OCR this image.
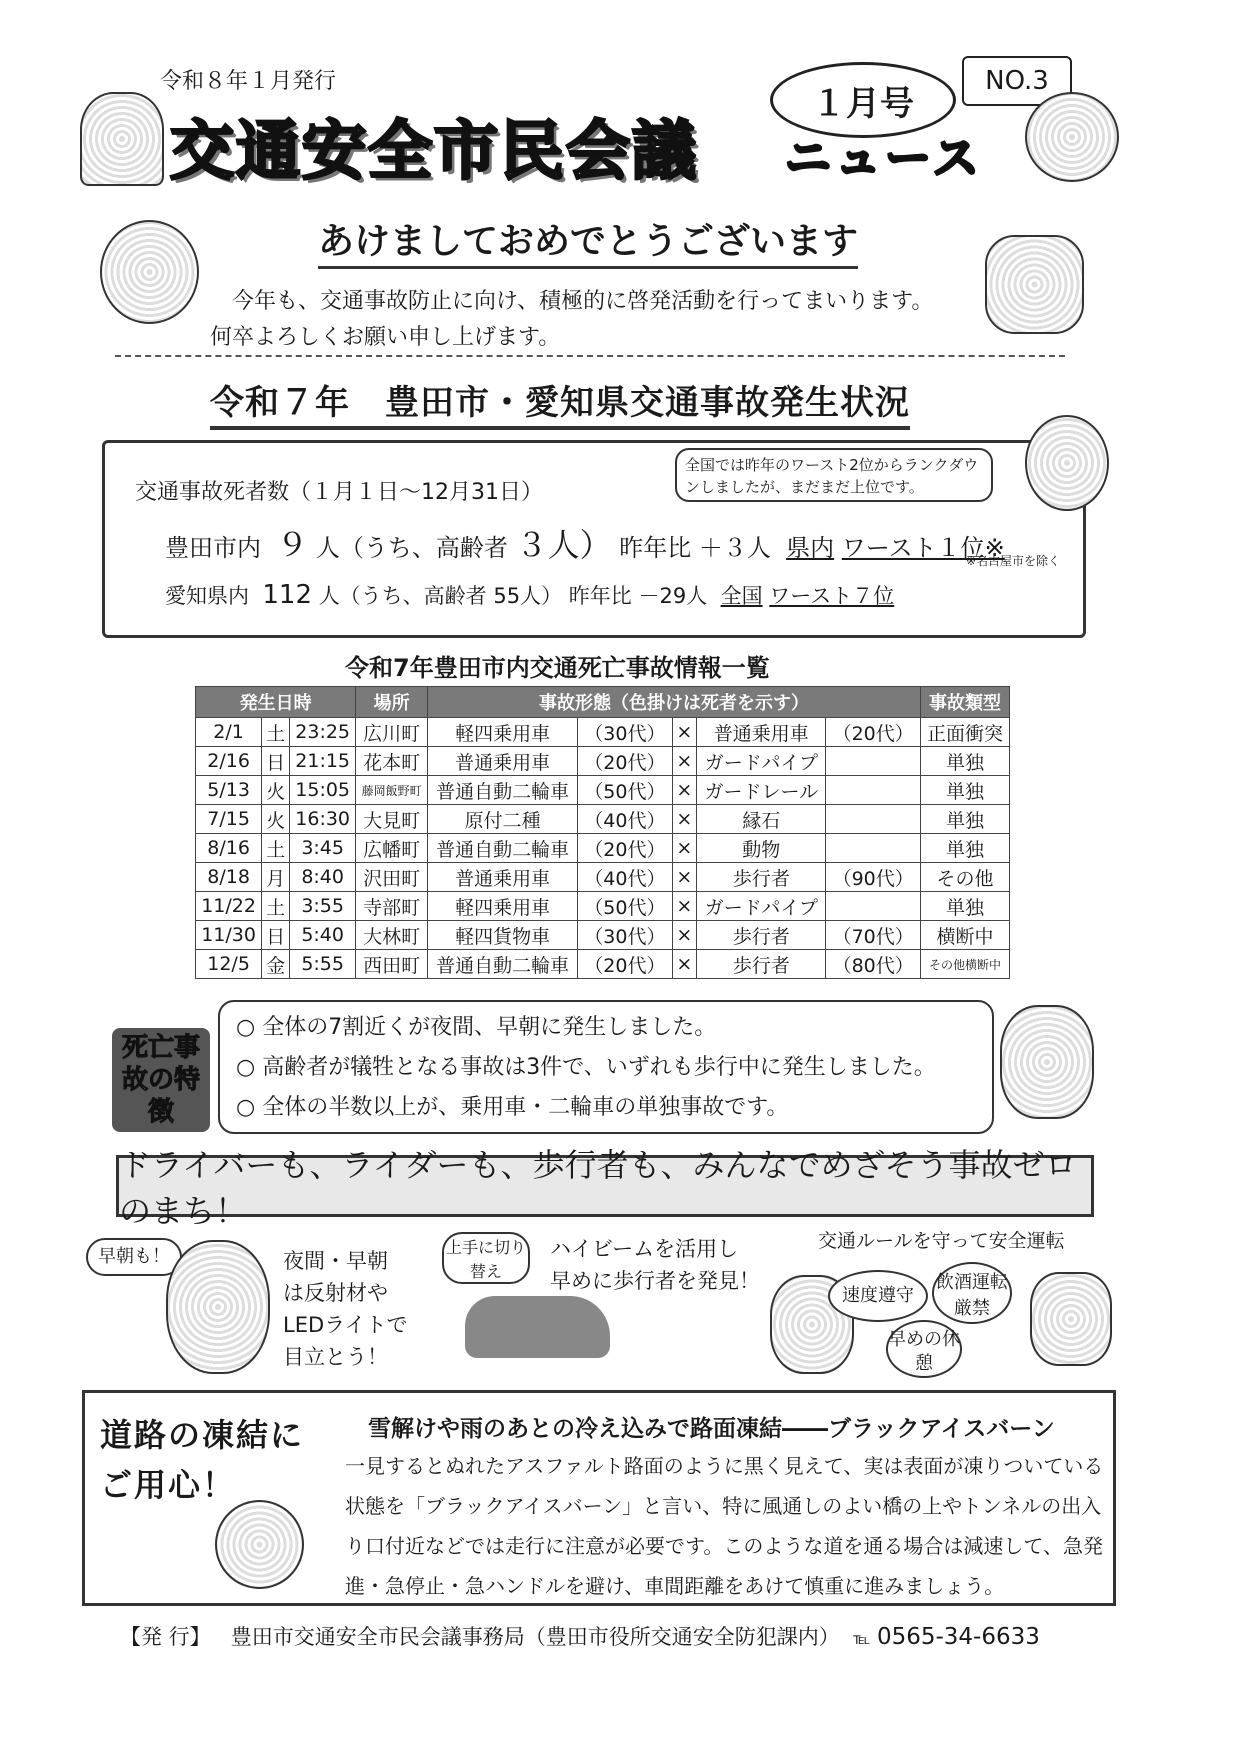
令和８年１月発行
交通安全市民会議 ニュース
１月号
NO.3
あけましておめでとうございます
今年も、交通事故防止に向け、積極的に啓発活動を行ってまいります。
何卒よろしくお願い申し上げます。
令和７年　豊田市・愛知県交通事故発生状況
交通事故死者数（１月１日～12月31日）
全国では昨年のワースト2位からランクダウンしましたが、まだまだ上位です。
豊田市内 ９ 人（うち、高齢者 ３人） 昨年比 ＋３人 県内 ワースト１位※
※名古屋市を除く
愛知県内 112 人（うち、高齢者 55人） 昨年比 －29人 全国 ワースト７位
令和7年豊田市内交通死亡事故情報一覧
発生日時			場所	事故形態（色掛けは死者を示す）					事故類型
2/1	土	23:25	広川町	軽四乗用車	（30代）	×	普通乗用車	（20代）	正面衝突
2/16	日	21:15	花本町	普通乗用車	（20代）	×	ガードパイプ		単独
5/13	火	15:05	藤岡飯野町	普通自動二輪車	（50代）	×	ガードレール		単独
7/15	火	16:30	大見町	原付二種	（40代）	×	縁石		単独
8/16	土	3:45	広幡町	普通自動二輪車	（20代）	×	動物		単独
8/18	月	8:40	沢田町	普通乗用車	（40代）	×	歩行者	（90代）	その他
11/22	土	3:55	寺部町	軽四乗用車	（50代）	×	ガードパイプ		単独
11/30	日	5:40	大林町	軽四貨物車	（30代）	×	歩行者	（70代）	横断中
12/5	金	5:55	西田町	普通自動二輪車	（20代）	×	歩行者	（80代）	その他横断中
死亡事故の特徴
○ 全体の7割近くが夜間、早朝に発生しました。
○ 高齢者が犠牲となる事故は3件で、いずれも歩行中に発生しました。
○ 全体の半数以上が、乗用車・二輪車の単独事故です。
ドライバーも、ライダーも、歩行者も、みんなでめざそう事故ゼロのまち！
早朝も！	夜間・早朝
は反射材や
LEDライトで
目立とう！
上手に切り替え
ハイビームを活用し
早めに歩行者を発見！
交通ルールを守って安全運転
速度遵守
飲酒運転厳禁
早めの休憩
道路の凍結に
ご用心！
雪解けや雨のあとの冷え込みで路面凍結――ブラックアイスバーン
一見するとぬれたアスファルト路面のように黒く見えて、実は表面が凍りついている状態を「ブラックアイスバーン」と言い、特に風通しのよい橋の上やトンネルの出入り口付近などでは走行に注意が必要です。このような道を通る場合は減速して、急発進・急停止・急ハンドルを避け、車間距離をあけて慎重に進みましょう。
【発 行】 豊田市交通安全市民会議事務局（豊田市役所交通安全防犯課内） ℡ 0565-34-6633
